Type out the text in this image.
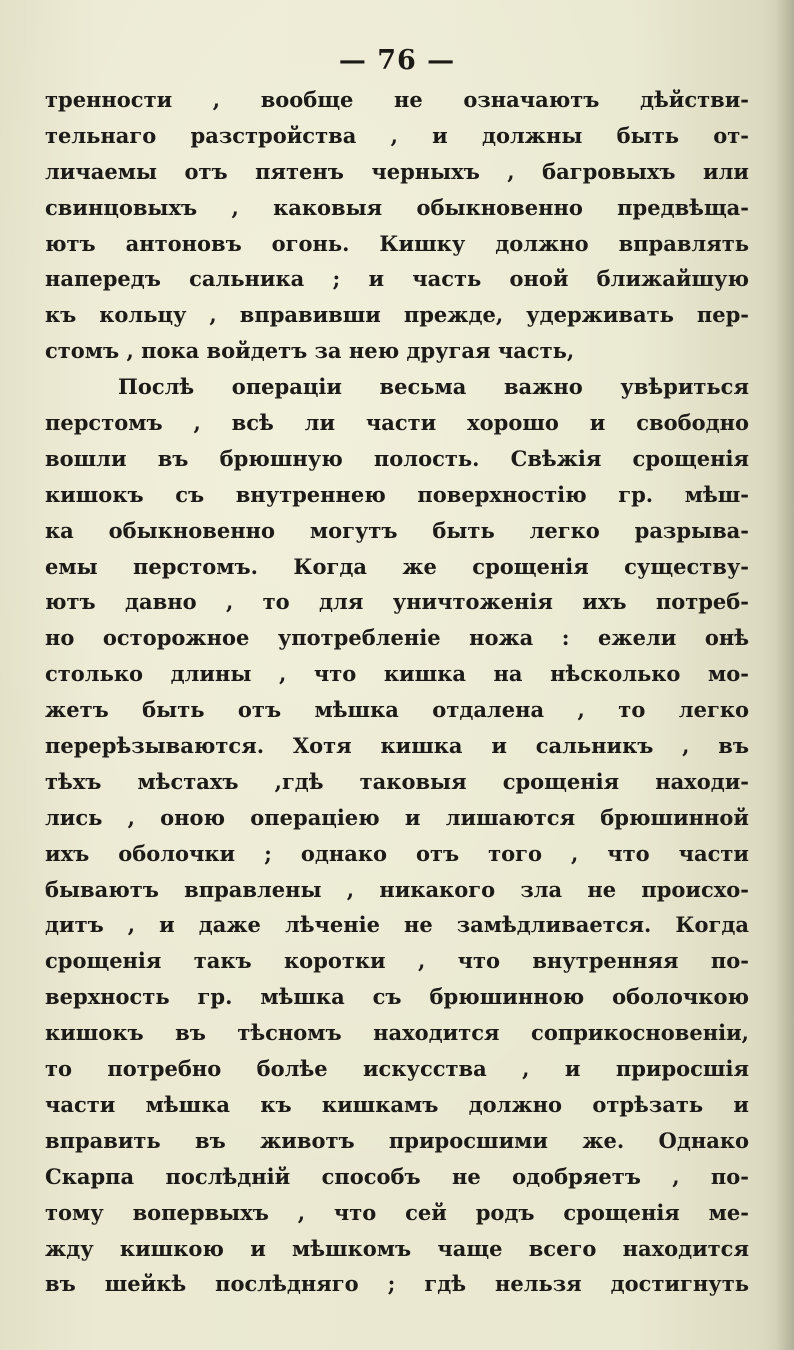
— 76 —
тренности , вообще не означаютъ дѣйстви-
тельнаго разстройства , и должны быть от-
личаемы отъ пятенъ черныхъ , багровыхъ или
свинцовыхъ , каковыя обыкновенно предвѣща-
ютъ антоновъ огонь. Кишку должно вправлять
напередъ сальника ; и часть оной ближайшую
къ кольцу , вправивши прежде, удерживать пер-
стомъ , пока войдетъ за нею другая часть,
Послѣ операціи весьма важно увѣриться
перстомъ , всѣ ли части хорошо и свободно
вошли въ брюшную полость. Свѣжія срощенія
кишокъ съ внутреннею поверхностію гр. мѣш-
ка обыкновенно могутъ быть легко разрыва-
емы перстомъ. Когда же срощенія существу-
ютъ давно , то для уничтоженія ихъ потреб-
но осторожное употребленіе ножа : ежели онѣ
столько длины , что кишка на нѣсколько мо-
жетъ быть отъ мѣшка отдалена , то легко
перерѣзываются. Хотя кишка и сальникъ , въ
тѣхъ мѣстахъ ,гдѣ таковыя срощенія находи-
лись , оною операціею и лишаются брюшинной
ихъ оболочки ; однако отъ того , что части
бываютъ вправлены , никакого зла не происхо-
дитъ , и даже лѣченіе не замѣдливается. Когда
срощенія такъ коротки , что внутренняя по-
верхность гр. мѣшка съ брюшинною оболочкою
кишокъ въ тѣсномъ находится соприкосновеніи,
то потребно болѣе искусства , и приросшія
части мѣшка къ кишкамъ должно отрѣзать и
вправить въ животъ приросшими же. Однако
Скарпа послѣдній способъ не одобряетъ , по-
тому вопервыхъ , что сей родъ срощенія ме-
жду кишкою и мѣшкомъ чаще всего находится
въ шейкѣ послѣдняго ; гдѣ нельзя достигнуть
